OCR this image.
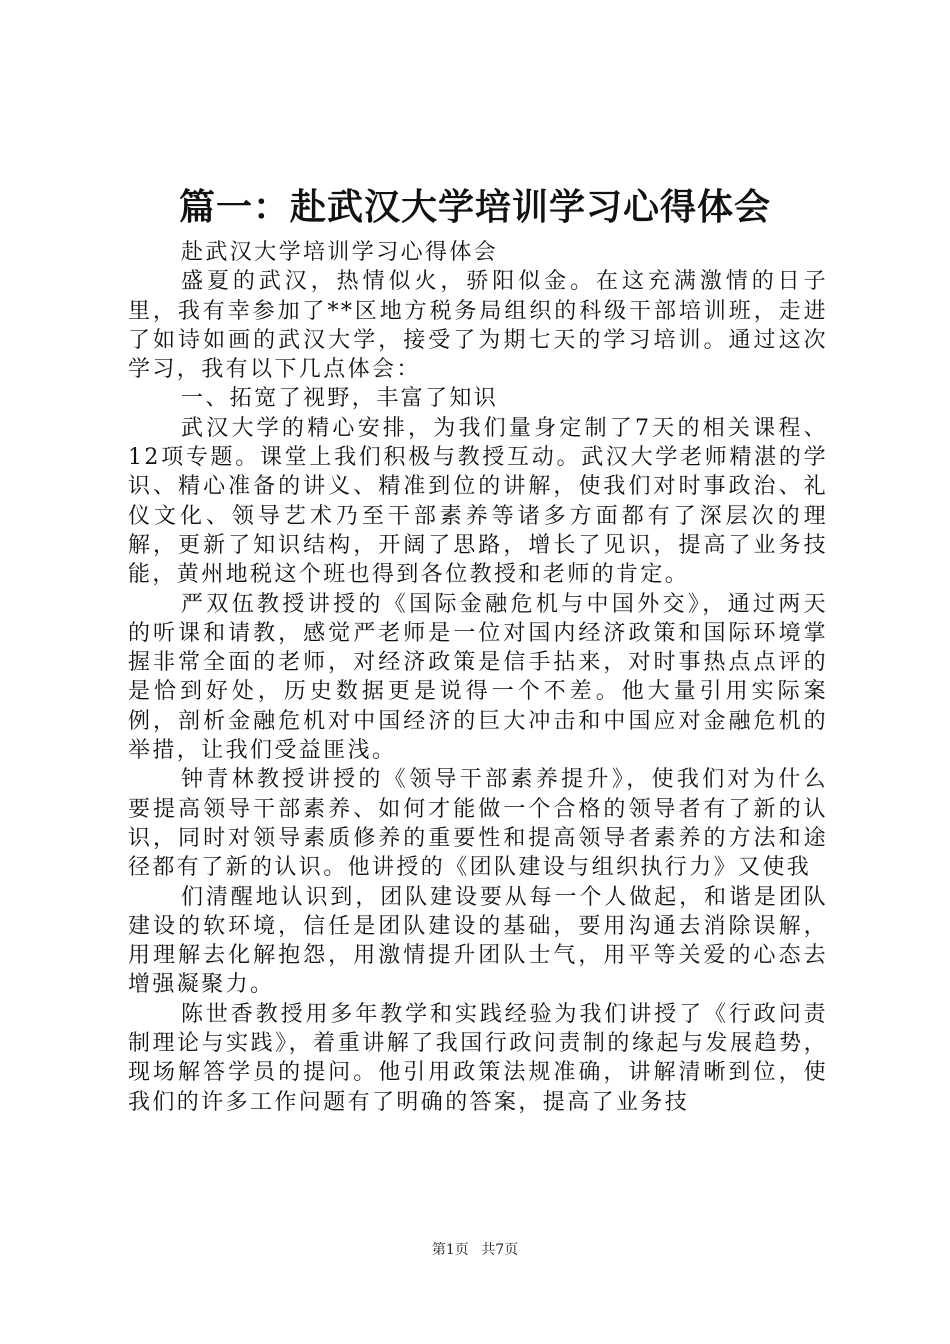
篇一：赴武汉大学培训学习心得体会

赴武汉大学培训学习心得体会

盛夏的武汉，热情似火，骄阳似金。在这充满激情的日子里，我有幸参加了**区地方税务局组织的科级干部培训班，走进了如诗如画的武汉大学，接受了为期七天的学习培训。通过这次学习，我有以下几点体会：

一、拓宽了视野，丰富了知识

武汉大学的精心安排，为我们量身定制了7天的相关课程、12项专题。课堂上我们积极与教授互动。武汉大学老师精湛的学识、精心准备的讲义、精准到位的讲解，使我们对时事政治、礼仪文化、领导艺术乃至干部素养等诸多方面都有了深层次的理解，更新了知识结构，开阔了思路，增长了见识，提高了业务技能，黄州地税这个班也得到各位教授和老师的肯定。

严双伍教授讲授的《国际金融危机与中国外交》，通过两天的听课和请教，感觉严老师是一位对国内经济政策和国际环境掌握非常全面的老师，对经济政策是信手拈来，对时事热点点评的是恰到好处，历史数据更是说得一个不差。他大量引用实际案例，剖析金融危机对中国经济的巨大冲击和中国应对金融危机的举措，让我们受益匪浅。

钟青林教授讲授的《领导干部素养提升》，使我们对为什么要提高领导干部素养、如何才能做一个合格的领导者有了新的认识，同时对领导素质修养的重要性和提高领导者素养的方法和途径都有了新的认识。他讲授的《团队建设与组织执行力》又使我

们清醒地认识到，团队建设要从每一个人做起，和谐是团队建设的软环境，信任是团队建设的基础，要用沟通去消除误解，用理解去化解抱怨，用激情提升团队士气，用平等关爱的心态去增强凝聚力。

陈世香教授用多年教学和实践经验为我们讲授了《行政问责制理论与实践》，着重讲解了我国行政问责制的缘起与发展趋势，现场解答学员的提问。他引用政策法规准确，讲解清晰到位，使我们的许多工作问题有了明确的答案，提高了业务技

第1页 共7页
